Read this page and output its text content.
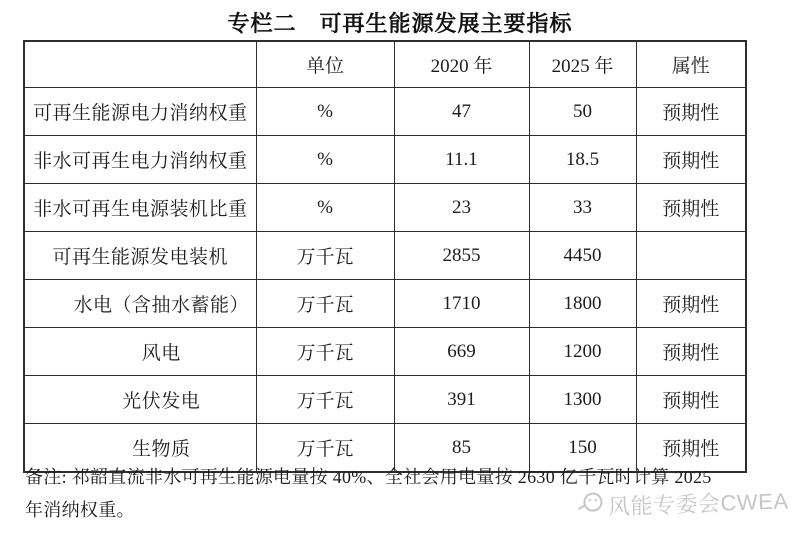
专栏二　可再生能源发展主要指标
	单位	2020 年	2025 年	属性
可再生能源电力消纳权重	%	47	50	预期性
非水可再生电力消纳权重	%	11.1	18.5	预期性
非水可再生电源装机比重	%	23	33	预期性
可再生能源发电装机	万千瓦	2855	4450	
水电（含抽水蓄能）	万千瓦	1710	1800	预期性
风电	万千瓦	669	1200	预期性
光伏发电	万千瓦	391	1300	预期性
生物质	万千瓦	85	150	预期性
备注: 祁韶直流非水可再生能源电量按 40%、全社会用电量按 2630 亿千瓦时计算 2025
年消纳权重。	风能专委会CWEA
